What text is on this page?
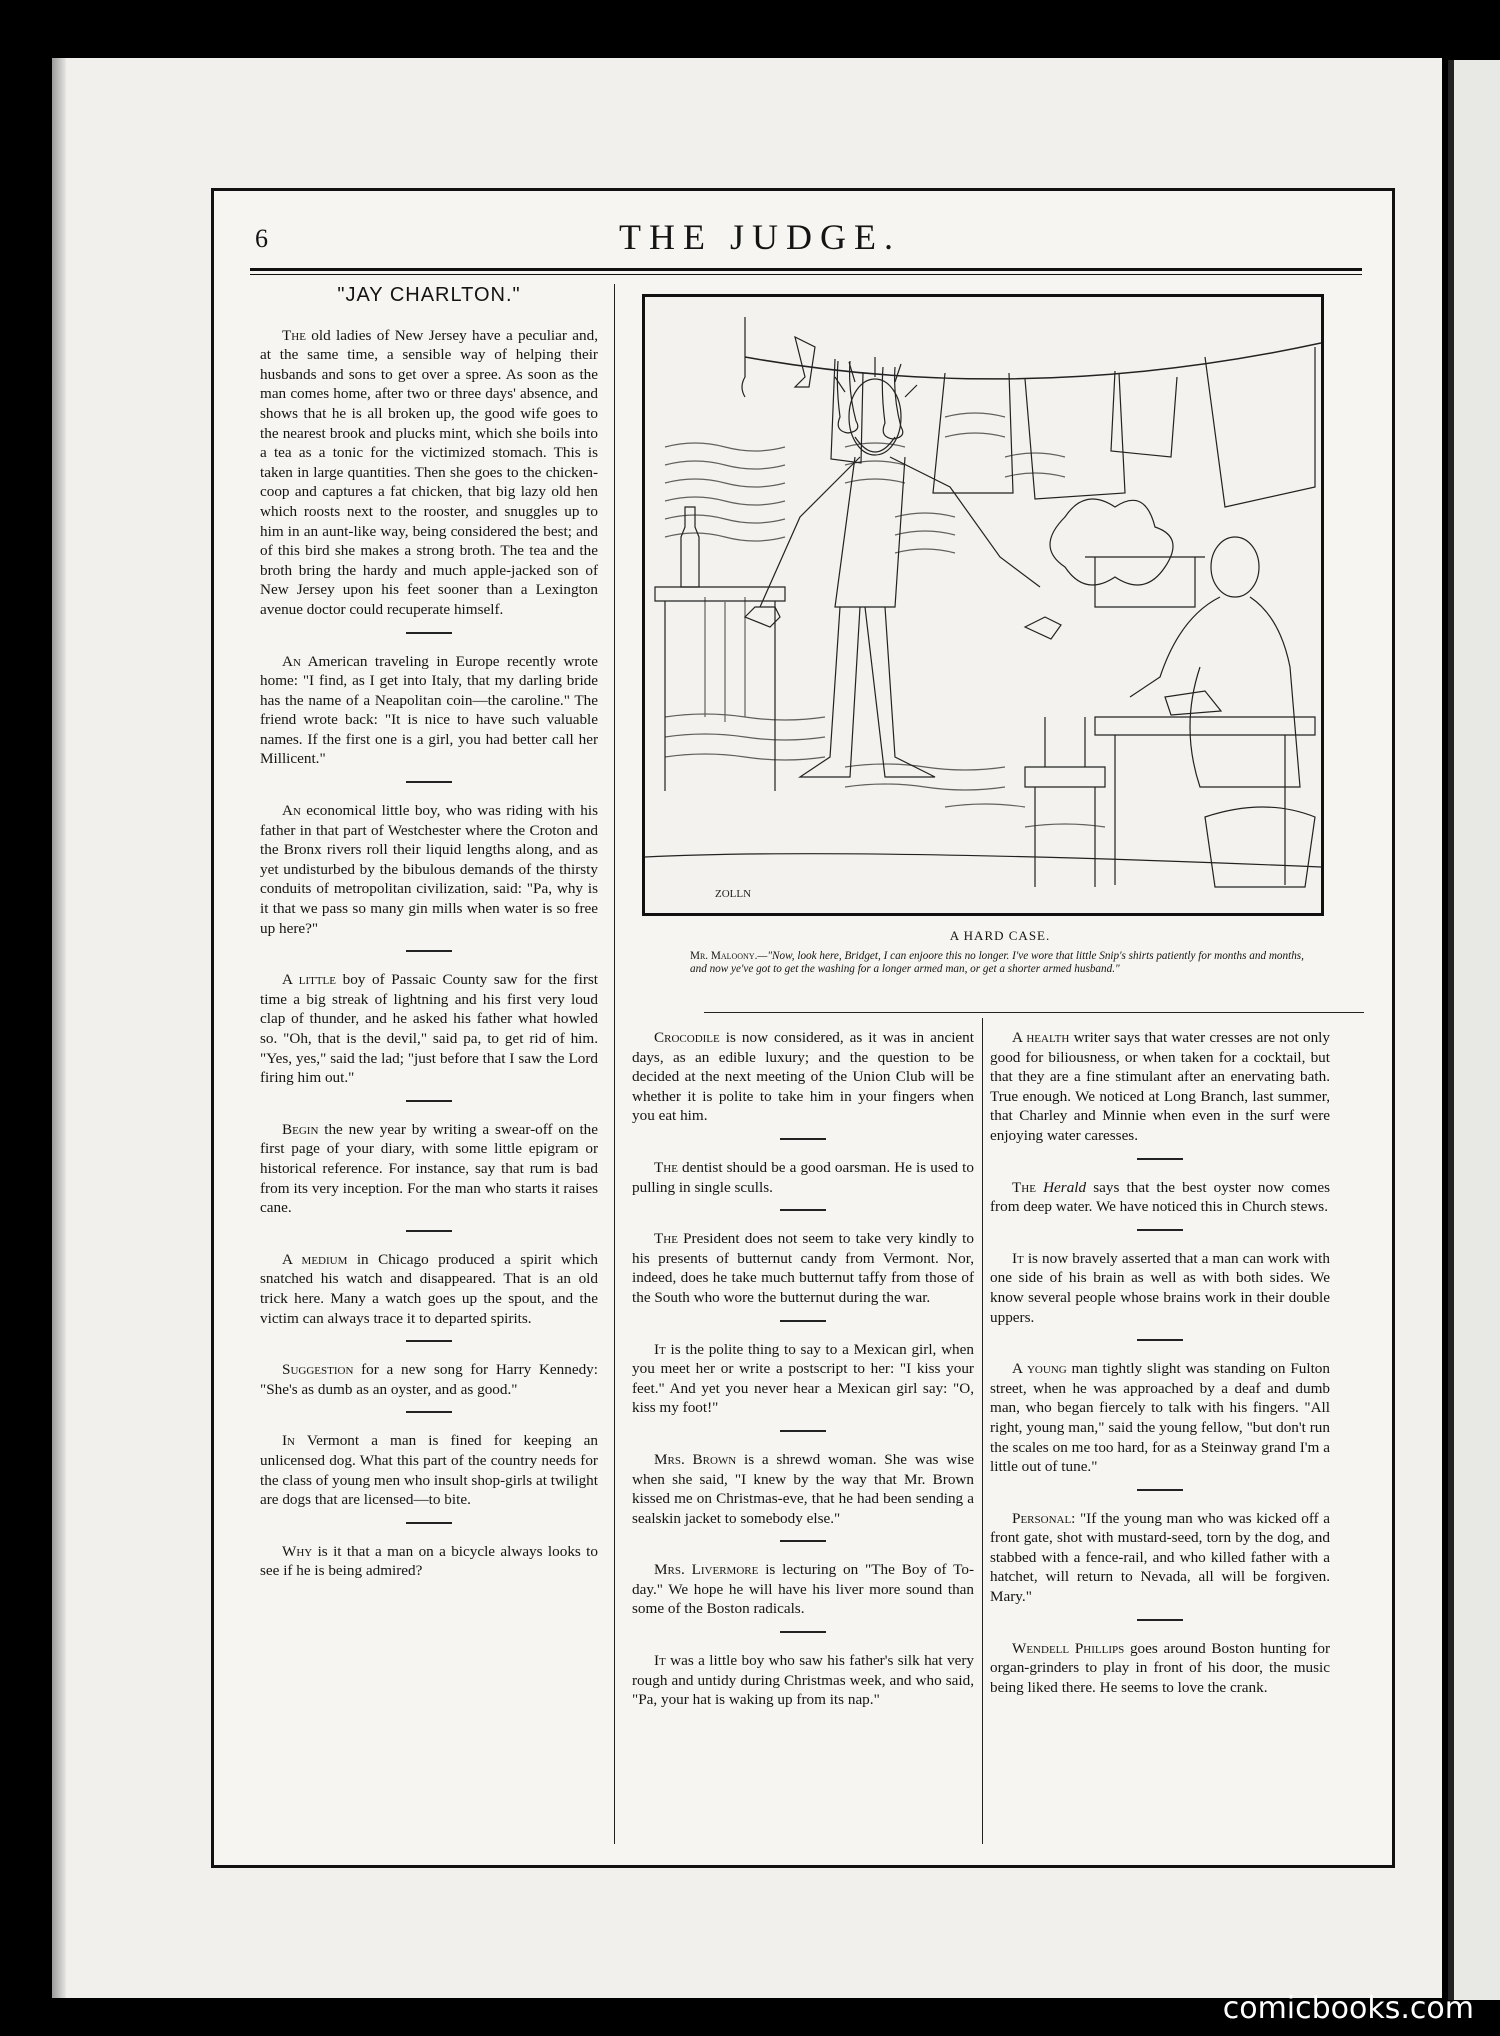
6	THE JUDGE.
"JAY CHARLTON."

The old ladies of New Jersey have a peculiar and, at the same time, a sensible way of helping their husbands and sons to get over a spree. As soon as the man comes home, after two or three days' absence, and shows that he is all broken up, the good wife goes to the nearest brook and plucks mint, which she boils into a tea as a tonic for the victimized stomach. This is taken in large quantities. Then she goes to the chicken-coop and captures a fat chicken, that big lazy old hen which roosts next to the rooster, and snuggles up to him in an aunt-like way, being considered the best; and of this bird she makes a strong broth. The tea and the broth bring the hardy and much apple-jacked son of New Jersey upon his feet sooner than a Lexington avenue doctor could recuperate himself.

An American traveling in Europe recently wrote home: "I find, as I get into Italy, that my darling bride has the name of a Neapolitan coin—the caroline." The friend wrote back: "It is nice to have such valuable names. If the first one is a girl, you had better call her Millicent."

An economical little boy, who was riding with his father in that part of Westchester where the Croton and the Bronx rivers roll their liquid lengths along, and as yet undisturbed by the bibulous demands of the thirsty conduits of metropolitan civilization, said: "Pa, why is it that we pass so many gin mills when water is so free up here?"

A little boy of Passaic County saw for the first time a big streak of lightning and his first very loud clap of thunder, and he asked his father what howled so. "Oh, that is the devil," said pa, to get rid of him. "Yes, yes," said the lad; "just before that I saw the Lord firing him out."

Begin the new year by writing a swear-off on the first page of your diary, with some little epigram or historical reference. For instance, say that rum is bad from its very inception. For the man who starts it raises cane.

A medium in Chicago produced a spirit which snatched his watch and disappeared. That is an old trick here. Many a watch goes up the spout, and the victim can always trace it to departed spirits.

Suggestion for a new song for Harry Kennedy: "She's as dumb as an oyster, and as good."

In Vermont a man is fined for keeping an unlicensed dog. What this part of the country needs for the class of young men who insult shop-girls at twilight are dogs that are licensed—to bite.

Why is it that a man on a bicycle always looks to see if he is being admired?

ZOLLN
A HARD CASE.
Mr. Maloony.—"Now, look here, Bridget, I can enjoore this no longer. I've wore that little Snip's shirts patiently for months and months, and now ye've got to get the washing for a longer armed man, or get a shorter armed husband."

Crocodile is now considered, as it was in ancient days, as an edible luxury; and the question to be decided at the next meeting of the Union Club will be whether it is polite to take him in your fingers when you eat him.

The dentist should be a good oarsman. He is used to pulling in single sculls.

The President does not seem to take very kindly to his presents of butternut candy from Vermont. Nor, indeed, does he take much butternut taffy from those of the South who wore the butternut during the war.

It is the polite thing to say to a Mexican girl, when you meet her or write a postscript to her: "I kiss your feet." And yet you never hear a Mexican girl say: "O, kiss my foot!"

Mrs. Brown is a shrewd woman. She was wise when she said, "I knew by the way that Mr. Brown kissed me on Christmas-eve, that he had been sending a sealskin jacket to somebody else."

Mrs. Livermore is lecturing on "The Boy of To-day." We hope he will have his liver more sound than some of the Boston radicals.

It was a little boy who saw his father's silk hat very rough and untidy during Christmas week, and who said, "Pa, your hat is waking up from its nap."

A health writer says that water cresses are not only good for biliousness, or when taken for a cocktail, but that they are a fine stimulant after an enervating bath. True enough. We noticed at Long Branch, last summer, that Charley and Minnie when even in the surf were enjoying water caresses.

The Herald says that the best oyster now comes from deep water. We have noticed this in Church stews.

It is now bravely asserted that a man can work with one side of his brain as well as with both sides. We know several people whose brains work in their double uppers.

A young man tightly slight was standing on Fulton street, when he was approached by a deaf and dumb man, who began fiercely to talk with his fingers. "All right, young man," said the young fellow, "but don't run the scales on me too hard, for as a Steinway grand I'm a little out of tune."

Personal: "If the young man who was kicked off a front gate, shot with mustard-seed, torn by the dog, and stabbed with a fence-rail, and who killed father with a hatchet, will return to Nevada, all will be forgiven. Mary."

Wendell Phillips goes around Boston hunting for organ-grinders to play in front of his door, the music being liked there. He seems to love the crank.

comicbooks.com
